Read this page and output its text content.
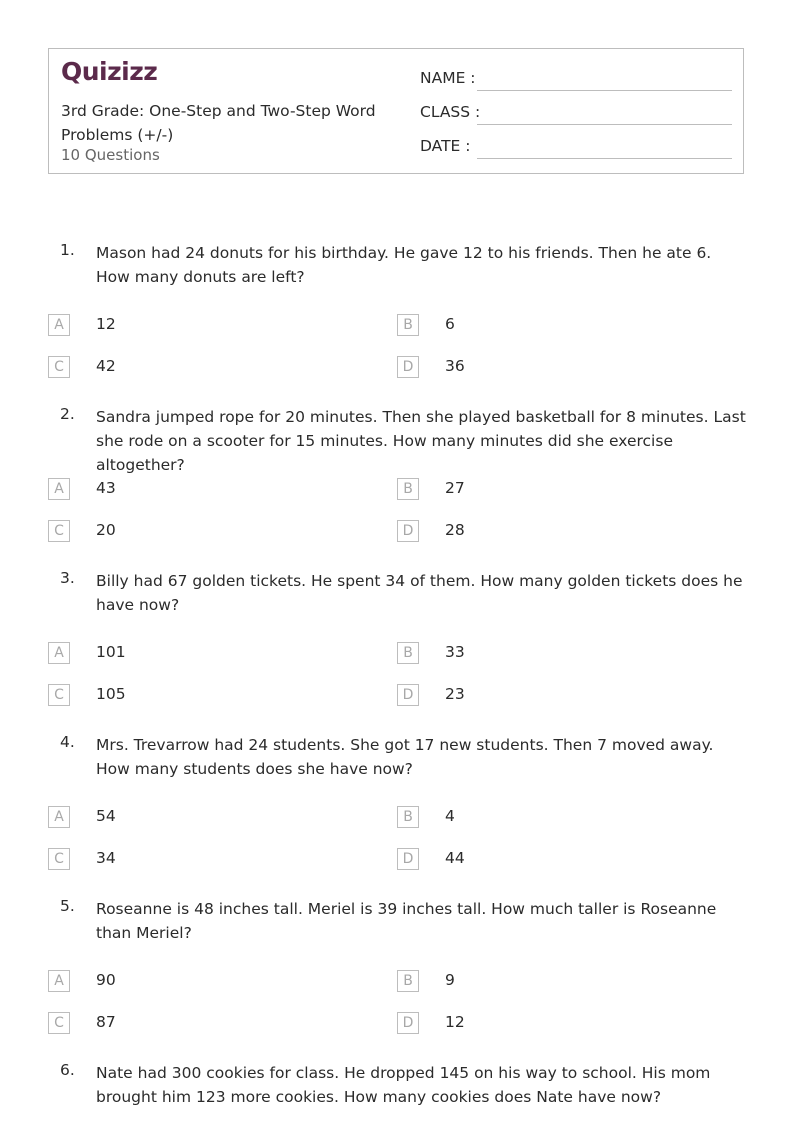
Quizizz
3rd Grade: One-Step and Two-Step Word Problems (+/-)
10 Questions
NAME :
CLASS :
DATE :
1. Mason had 24 donuts for his birthday. He gave 12 to his friends. Then he ate 6. How many donuts are left?
A	12	B	6
C	42	D	36
2. Sandra jumped rope for 20 minutes. Then she played basketball for 8 minutes. Last she rode on a scooter for 15 minutes. How many minutes did she exercise altogether?
A	43	B	27
C	20	D	28
3. Billy had 67 golden tickets. He spent 34 of them. How many golden tickets does he have now?
A	101	B	33
C	105	D	23
4. Mrs. Trevarrow had 24 students. She got 17 new students. Then 7 moved away. How many students does she have now?
A	54	B	4
C	34	D	44
5. Roseanne is 48 inches tall. Meriel is 39 inches tall. How much taller is Roseanne than Meriel?
A	90	B	9
C	87	D	12
6. Nate had 300 cookies for class. He dropped 145 on his way to school. His mom brought him 123 more cookies. How many cookies does Nate have now?
